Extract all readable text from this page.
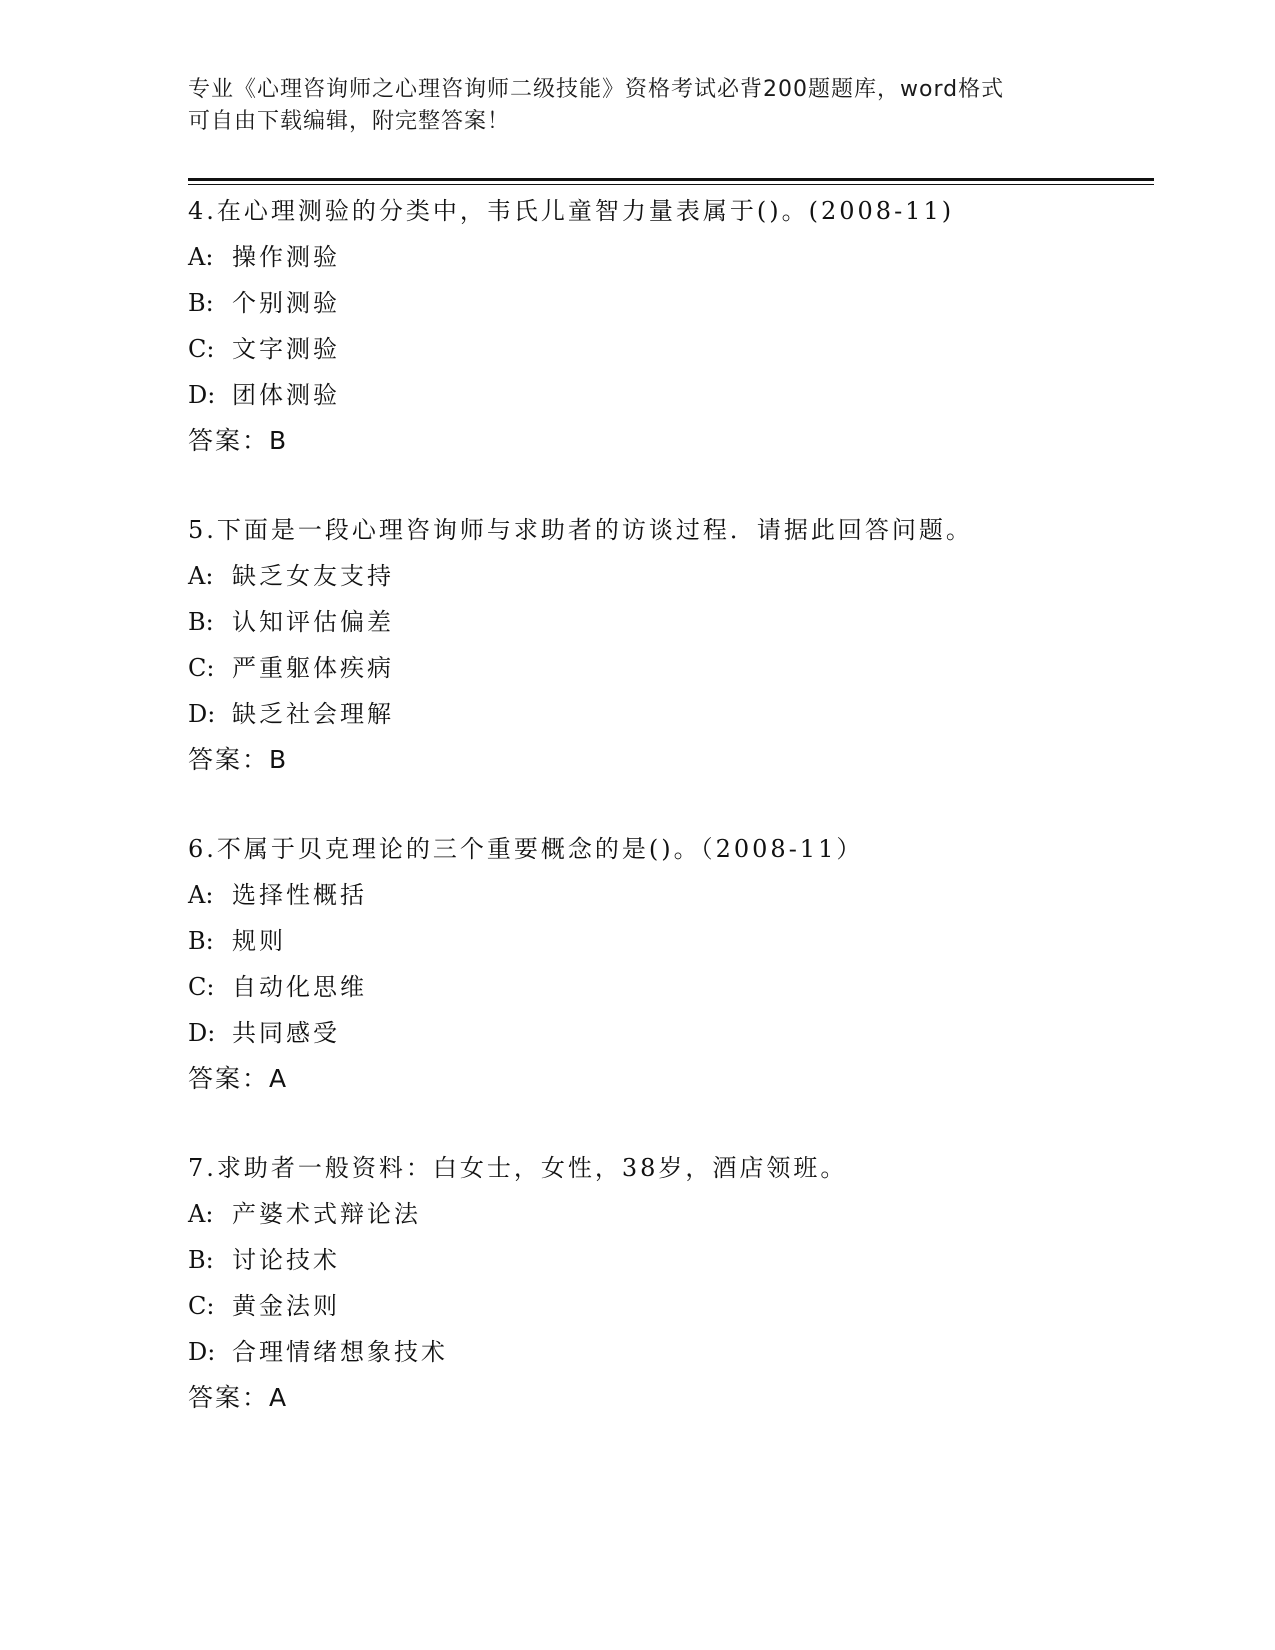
专业《心理咨询师之心理咨询师二级技能》资格考试必背200题题库，word格式
可自由下载编辑，附完整答案！
4.在心理测验的分类中，韦氏儿童智力量表属于()。(2008-11)
A: 操作测验
B: 个别测验
C: 文字测验
D: 团体测验
答案：B
5.下面是一段心理咨询师与求助者的访谈过程．请据此回答问题。
A: 缺乏女友支持
B: 认知评估偏差
C: 严重躯体疾病
D: 缺乏社会理解
答案：B
6.不属于贝克理论的三个重要概念的是()。（2008-11）
A: 选择性概括
B: 规则
C: 自动化思维
D: 共同感受
答案：A
7.求助者一般资料：白女士，女性，38岁，酒店领班。
A: 产婆术式辩论法
B: 讨论技术
C: 黄金法则
D: 合理情绪想象技术
答案：A
